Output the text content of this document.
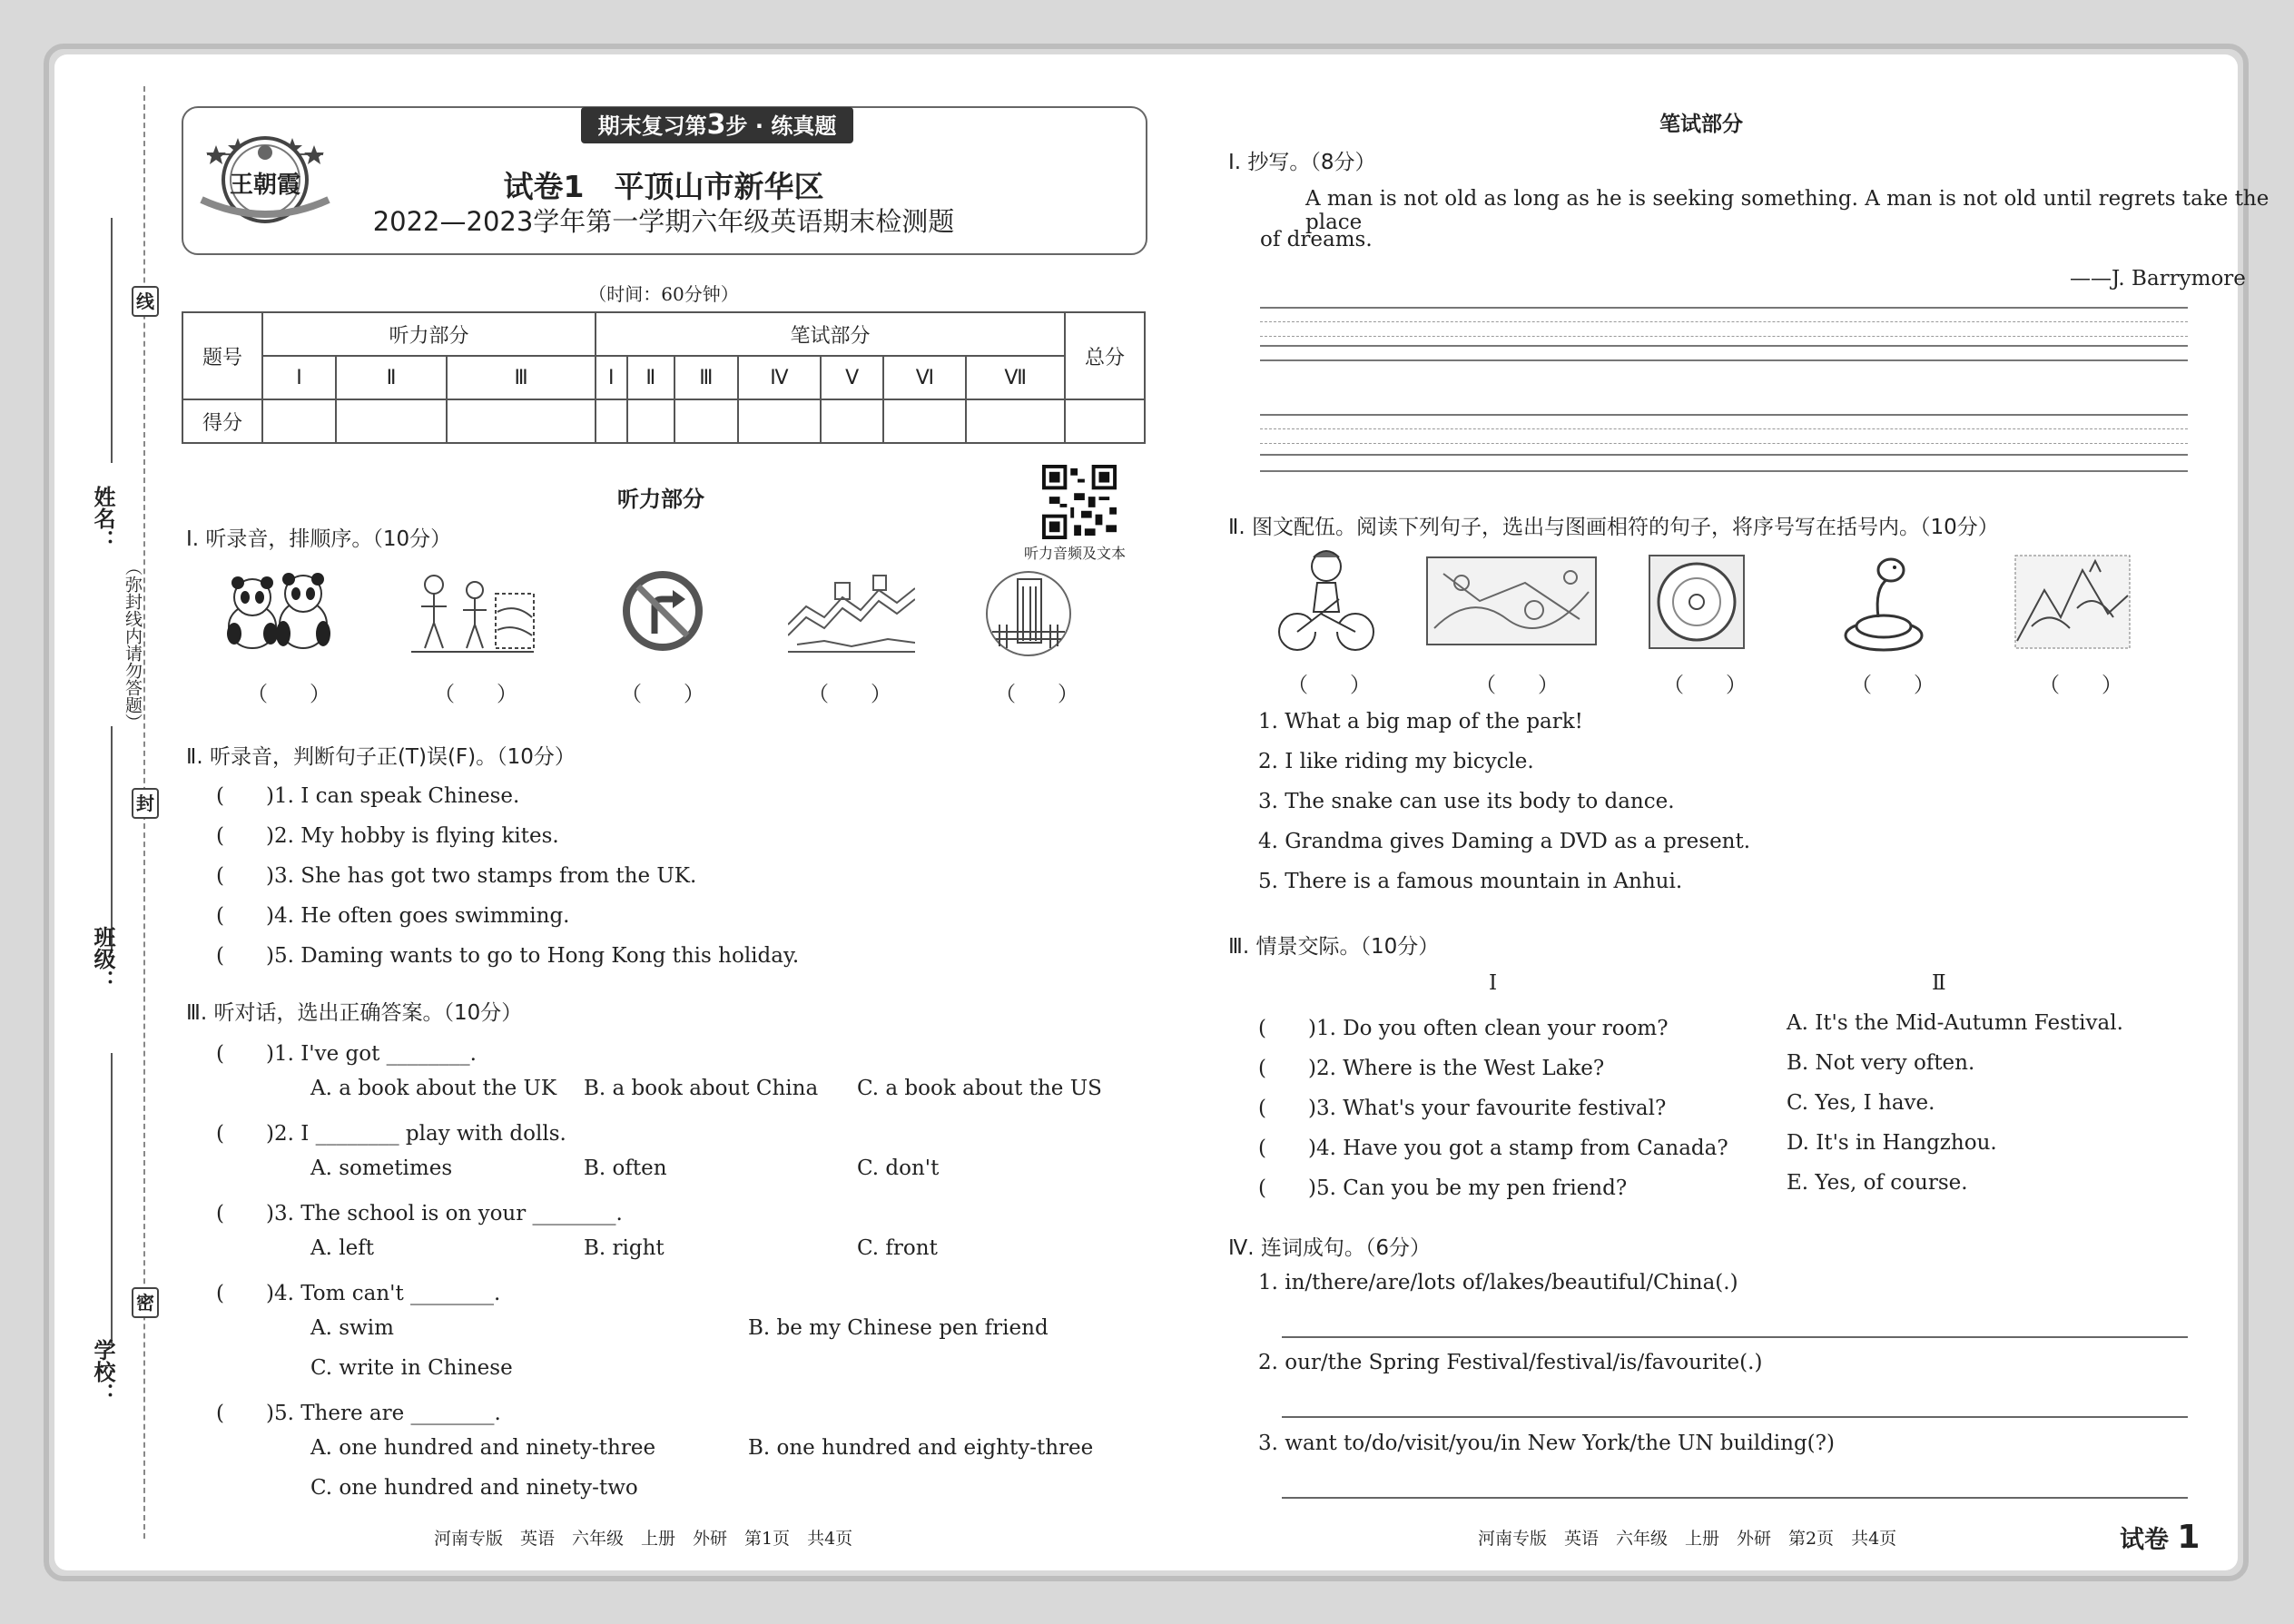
姓名：
班级：
学校：
（弥封线内请勿答题）
线
封
密
期末复习第3步 · 练真题
王朝霞	试卷1　平顶山市新华区
2022—2023学年第一学期六年级英语期末检测题
（时间：60分钟）
题号	听力部分			笔试部分							总分
	Ⅰ	Ⅱ	Ⅲ	Ⅰ	Ⅱ	Ⅲ	Ⅳ	Ⅴ	Ⅵ	Ⅶ	
得分											
听力部分
听力音频及文本
Ⅰ. 听录音，排顺序。（10分）
（　　）	（　　）	（　　）	（　　）	（　　）
Ⅱ. 听录音，判断句子正(T)误(F)。（10分）
(　　)1. I can speak Chinese.
(　　)2. My hobby is flying kites.
(　　)3. She has got two stamps from the UK.
(　　)4. He often goes swimming.
(　　)5. Daming wants to go to Hong Kong this holiday.
Ⅲ. 听对话，选出正确答案。（10分）
(　　)1. I've got ________.
A. a book about the UK B. a book about China C. a book about the US
(　　)2. I ________ play with dolls.
A. sometimes	B. often	C. don't
(　　)3. The school is on your ________.
A. left	B. right	C. front
(　　)4. Tom can't ________.
A. swim	B. be my Chinese pen friend
C. write in Chinese
(　　)5. There are ________.
A. one hundred and ninety-three	B. one hundred and eighty-three
C. one hundred and ninety-two
河南专版　英语　六年级　上册　外研　第1页　共4页
笔试部分
Ⅰ. 抄写。（8分）
A man is not old as long as he is seeking something. A man is not old until regrets take the place
of dreams.
——J. Barrymore
Ⅱ. 图文配伍。阅读下列句子，选出与图画相符的句子，将序号写在括号内。（10分）
（　　）	（　　）	（　　）	（　　）	（　　）
1. What a big map of the park!
2. I like riding my bicycle.
3. The snake can use its body to dance.
4. Grandma gives Daming a DVD as a present.
5. There is a famous mountain in Anhui.
Ⅲ. 情景交际。（10分）
Ⅰ	Ⅱ
(　　)1. Do you often clean your room?
(　　)2. Where is the West Lake?
(　　)3. What's your favourite festival?
(　　)4. Have you got a stamp from Canada?
(　　)5. Can you be my pen friend?
A. It's the Mid-Autumn Festival.
B. Not very often.
C. Yes, I have.
D. It's in Hangzhou.
E. Yes, of course.
Ⅳ. 连词成句。（6分）
1. in/there/are/lots of/lakes/beautiful/China(.)
2. our/the Spring Festival/festival/is/favourite(.)
3. want to/do/visit/you/in New York/the UN building(?)
河南专版　英语　六年级　上册　外研　第2页　共4页	试卷 1
